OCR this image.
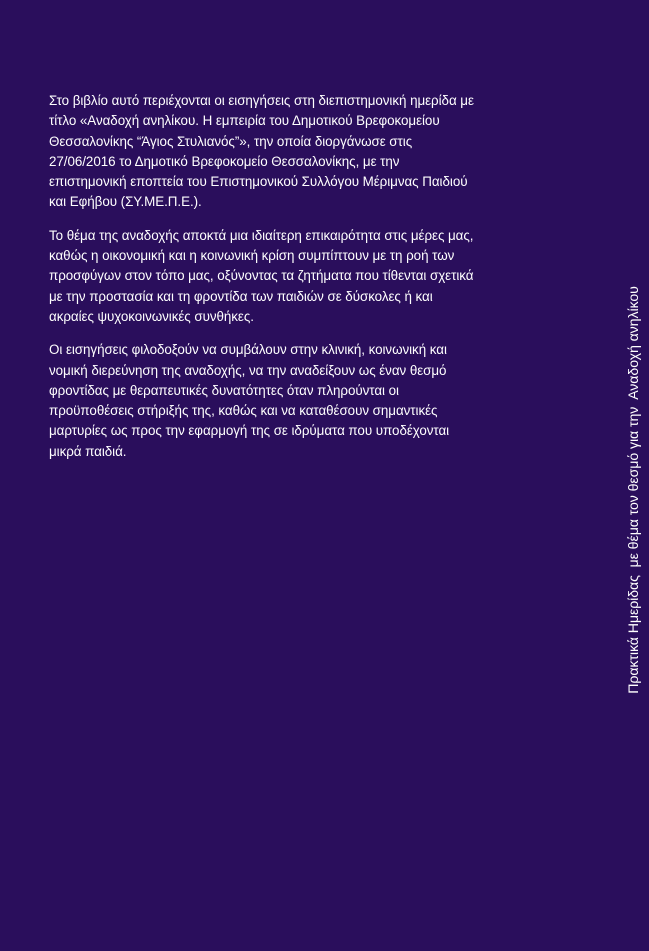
Στο βιβλίο αυτό περιέχονται οι εισηγήσεις στη διεπιστημονική ημερίδα με τίτλο «Αναδοχή ανηλίκου. Η εμπειρία του Δημοτικού Βρεφοκομείου Θεσσαλονίκης “Άγιος Στυλιανός”», την οποία διοργάνωσε στις 27/06/2016 το Δημοτικό Βρεφοκομείο Θεσσαλονίκης, με την επιστημονική εποπτεία του Επιστημονικού Συλλόγου Μέριμνας Παιδιού και Εφήβου (ΣΥ.ΜΕ.Π.Ε.).

Το θέμα της αναδοχής αποκτά μια ιδιαίτερη επικαιρότητα στις μέρες μας, καθώς η οικονομική και η κοινωνική κρίση συμπίπτουν με τη ροή των προσφύγων στον τόπο μας, οξύνοντας τα ζητήματα που τίθενται σχετικά με την προστασία και τη φροντίδα των παιδιών σε δύσκολες ή και ακραίες ψυχοκοινωνικές συνθήκες.

Οι εισηγήσεις φιλοδοξούν να συμβάλουν στην κλινική, κοινωνική και νομική διερεύνηση της αναδοχής, να την αναδείξουν ως έναν θεσμό φροντίδας με θεραπευτικές δυνατότητες όταν πληρούνται οι προϋποθέσεις στήριξής της, καθώς και να καταθέσουν σημαντικές μαρτυρίες ως προς την εφαρμογή της σε ιδρύματα που υποδέχονται μικρά παιδιά.	Πρακτικά Ημερίδας  με θέμα τον θεσμό για την  Αναδοχή ανηλίκου
